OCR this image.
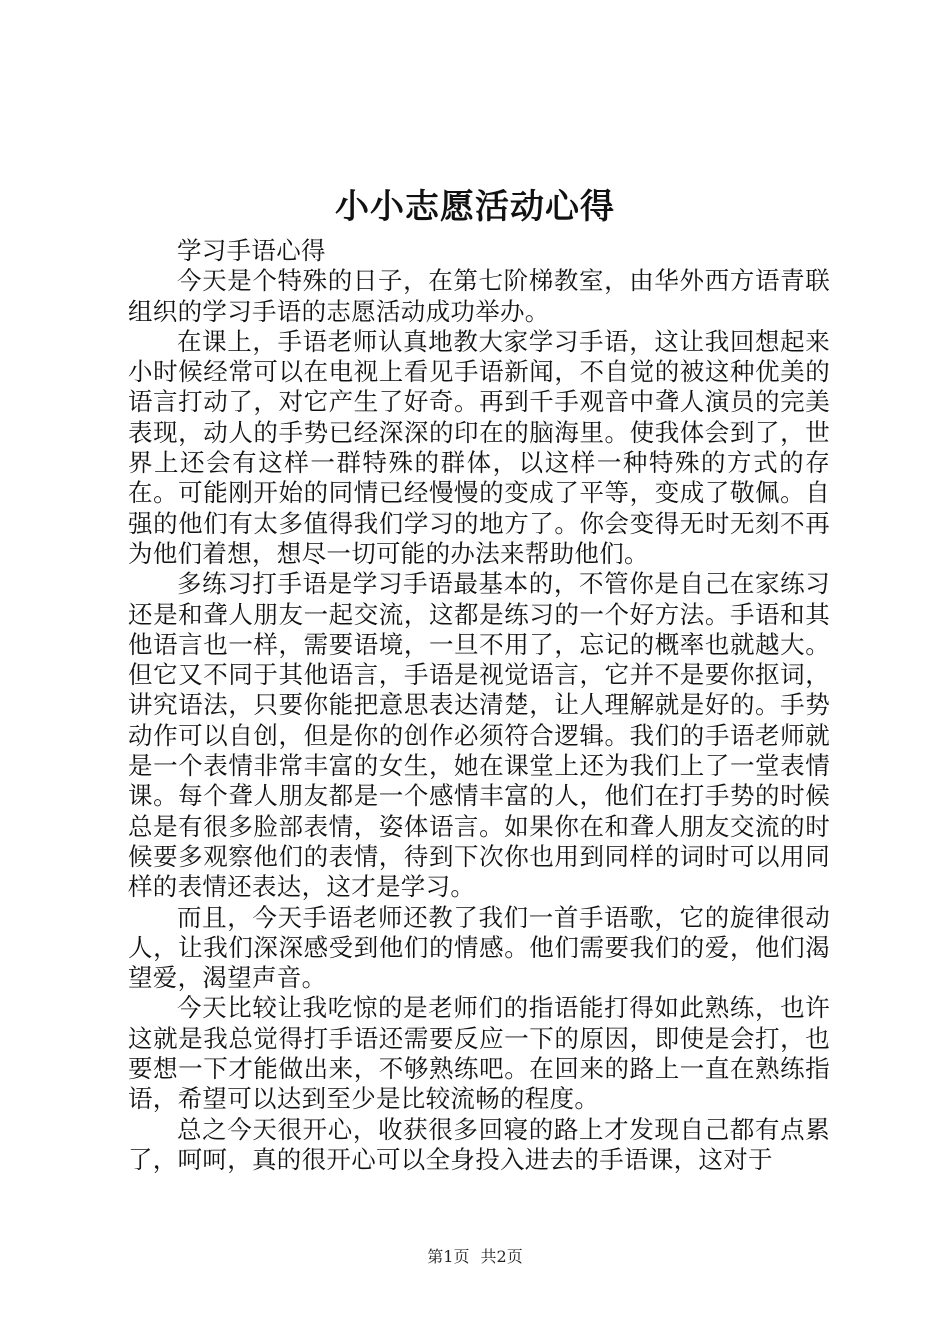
小小志愿活动心得

学习手语心得

今天是个特殊的日子，在第七阶梯教室，由华外西方语青联组织的学习手语的志愿活动成功举办。

在课上，手语老师认真地教大家学习手语，这让我回想起来小时候经常可以在电视上看见手语新闻，不自觉的被这种优美的语言打动了，对它产生了好奇。再到千手观音中聋人演员的完美表现，动人的手势已经深深的印在的脑海里。使我体会到了，世界上还会有这样一群特殊的群体，以这样一种特殊的方式的存在。可能刚开始的同情已经慢慢的变成了平等，变成了敬佩。自强的他们有太多值得我们学习的地方了。你会变得无时无刻不再为他们着想，想尽一切可能的办法来帮助他们。

多练习打手语是学习手语最基本的，不管你是自己在家练习还是和聋人朋友一起交流，这都是练习的一个好方法。手语和其他语言也一样，需要语境，一旦不用了，忘记的概率也就越大。但它又不同于其他语言，手语是视觉语言，它并不是要你抠词，讲究语法，只要你能把意思表达清楚，让人理解就是好的。手势动作可以自创，但是你的创作必须符合逻辑。我们的手语老师就是一个表情非常丰富的女生，她在课堂上还为我们上了一堂表情课。每个聋人朋友都是一个感情丰富的人，他们在打手势的时候总是有很多脸部表情，姿体语言。如果你在和聋人朋友交流的时候要多观察他们的表情，待到下次你也用到同样的词时可以用同样的表情还表达，这才是学习。

而且，今天手语老师还教了我们一首手语歌，它的旋律很动人，让我们深深感受到他们的情感。他们需要我们的爱，他们渴望爱，渴望声音。

今天比较让我吃惊的是老师们的指语能打得如此熟练，也许这就是我总觉得打手语还需要反应一下的原因，即使是会打，也要想一下才能做出来，不够熟练吧。在回来的路上一直在熟练指语，希望可以达到至少是比较流畅的程度。

总之今天很开心，收获很多回寝的路上才发现自己都有点累了，呵呵，真的很开心可以全身投入进去的手语课，这对于

第1页 共2页
